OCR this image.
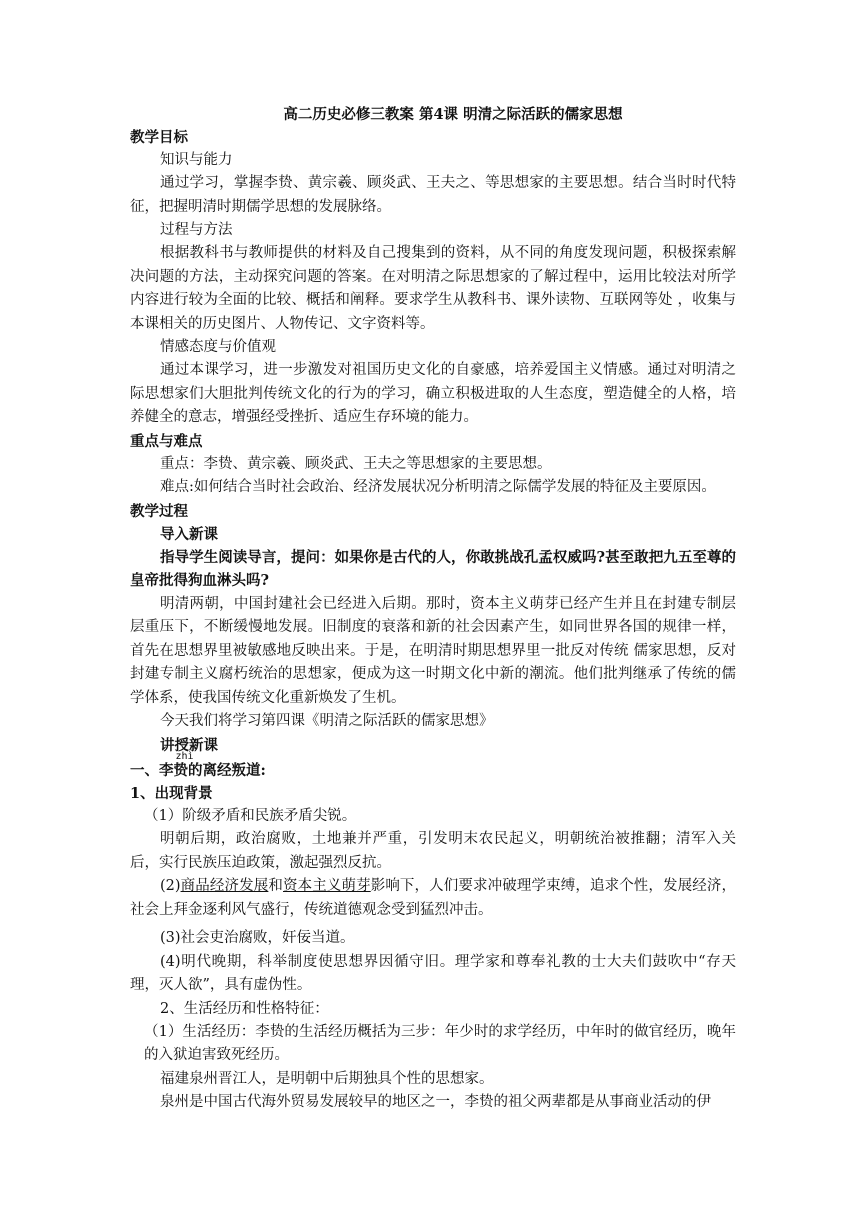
高二历史必修三教案 第4课 明清之际活跃的儒家思想
教学目标
知识与能力
通过学习，掌握李贽、黄宗羲、顾炎武、王夫之、等思想家的主要思想。结合当时时代特征，把握明清时期儒学思想的发展脉络。
过程与方法
根据教科书与教师提供的材料及自己搜集到的资料，从不同的角度发现问题，积极探索解决问题的方法，主动探究问题的答案。在对明清之际思想家的了解过程中，运用比较法对所学内容进行较为全面的比较、概括和阐释。要求学生从教科书、课外读物、互联网等处 ，收集与本课相关的历史图片、人物传记、文字资料等。
情感态度与价值观
通过本课学习，进一步激发对祖国历史文化的自豪感，培养爱国主义情感。通过对明清之际思想家们大胆批判传统文化的行为的学习，确立积极进取的人生态度，塑造健全的人格，培养健全的意志，增强经受挫折、适应生存环境的能力。
重点与难点
重点：李贽、黄宗羲、顾炎武、王夫之等思想家的主要思想。
难点:如何结合当时社会政治、经济发展状况分析明清之际儒学发展的特征及主要原因。
教学过程
导入新课
指导学生阅读导言，提问：如果你是古代的人，你敢挑战孔孟权威吗?甚至敢把九五至尊的皇帝批得狗血淋头吗?
明清两朝，中国封建社会已经进入后期。那时，资本主义萌芽已经产生并且在封建专制层层重压下，不断缓慢地发展。旧制度的衰落和新的社会因素产生，如同世界各国的规律一样，首先在思想界里被敏感地反映出来。于是，在明清时期思想界里一批反对传统 儒家思想，反对封建专制主义腐朽统治的思想家，便成为这一时期文化中新的潮流。他们批判继承了传统的儒学体系，使我国传统文化重新焕发了生机。
今天我们将学习第四课《明清之际活跃的儒家思想》
讲授新课
一、李
zhì
贽的离经叛道:
1、出现背景
（1）阶级矛盾和民族矛盾尖锐。
明朝后期，政治腐败，土地兼并严重，引发明末农民起义，明朝统治被推翻；清军入关后，实行民族压迫政策，激起强烈反抗。
(2)商品经济发展和资本主义萌芽影响下，人们要求冲破理学束缚，追求个性，发展经济，社会上拜金逐利风气盛行，传统道德观念受到猛烈冲击。
(3)社会吏治腐败，奸佞当道。
(4)明代晚期，科举制度使思想界因循守旧。理学家和尊奉礼教的士大夫们鼓吹中“存天理，灭人欲”，具有虚伪性。
2、生活经历和性格特征：
（1）生活经历：李贽的生活经历概括为三步：年少时的求学经历，中年时的做官经历，晚年的入狱迫害致死经历。
福建泉州晋江人，是明朝中后期独具个性的思想家。
泉州是中国古代海外贸易发展较早的地区之一，李贽的祖父两辈都是从事商业活动的伊
